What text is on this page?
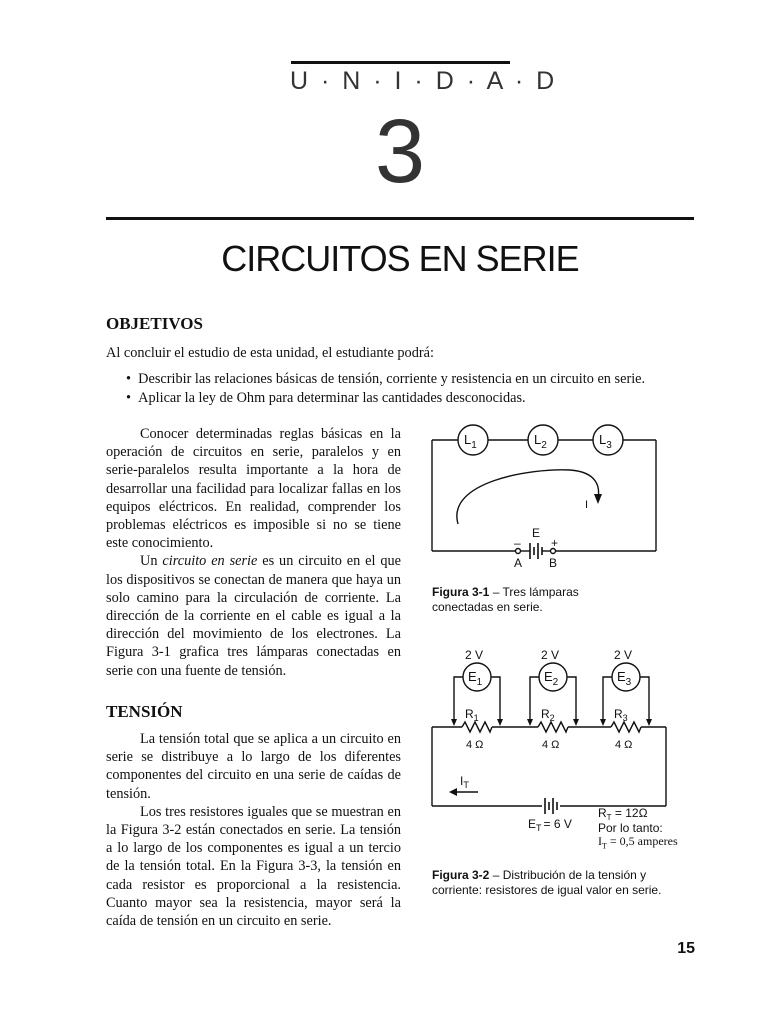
U · N · I · D · A · D
3
CIRCUITOS EN SERIE
OBJETIVOS
Al concluir el estudio de esta unidad, el estudiante podrá:
•  Describir las relaciones básicas de tensión, corriente y resistencia en un circuito en serie.
•  Aplicar la ley de Ohm para determinar las cantidades desconocidas.

Conocer determinadas reglas básicas en la operación de circuitos en serie, paralelos y en serie-paralelos resulta importante a la hora de desarrollar una facilidad para localizar fallas en los equipos eléctricos. En realidad, comprender los problemas eléctricos es imposible si no se tiene este conocimiento.

Un circuito en serie es un circuito en el que los dispositivos se conectan de manera que haya un solo camino para la circulación de corriente. La dirección de la corriente en el cable es igual a la dirección del movimiento de los electrones. La Figura 3-1 grafica tres lámparas conectadas en serie con una fuente de tensión.

TENSIÓN

La tensión total que se aplica a un circuito en serie se distribuye a lo largo de los diferentes componentes del circuito en una serie de caídas de tensión.

Los tres resistores iguales que se muestran en la Figura 3-2 están conectados en serie. La tensión a lo largo de los componentes es igual a un tercio de la tensión total. En la Figura 3-3, la tensión en cada resistor es proporcional a la resistencia. Cuanto mayor sea la resistencia, mayor será la caída de tensión en un circuito en serie.

$L_1$	$L_2$	$L_3$
I
E
–	+
A B
Figura 3-1 – Tres lámparas conectadas en serie.
2 V	2 V	2 V
$E_1$	$E_2$	$E_3$
$R_1$	$R_2$	$R_3$
4 Ω	4 Ω	4 Ω
$I_T$
$E_T = 6$ V
$R_T = 12\Omega$
Por lo tanto:
$I_T = 0,5$ amperes
Figura 3-2 – Distribución de la tensión y corriente: resistores de igual valor en serie.
15
